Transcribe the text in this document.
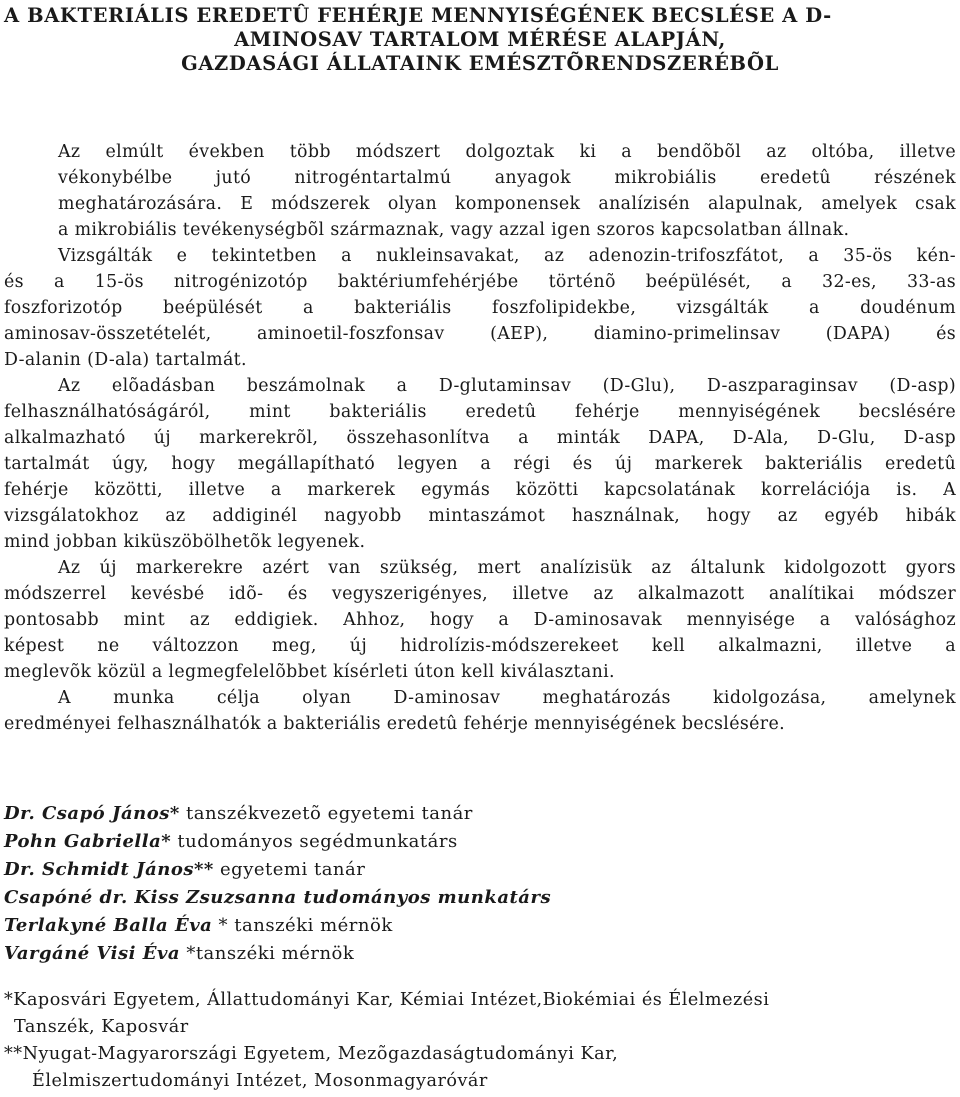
A BAKTERIÁLIS EREDETÛ FEHÉRJE MENNYISÉGÉNEK BECSLÉSE A D-
AMINOSAV TARTALOM MÉRÉSE ALAPJÁN,
GAZDASÁGI ÁLLATAINK EMÉSZTÕRENDSZERÉBÕL

Az elmúlt években több módszert dolgoztak ki a bendõbõl az oltóba, illetve
vékonybélbe jutó nitrogéntartalmú anyagok mikrobiális eredetû részének
meghatározására. E módszerek olyan komponensek analízisén alapulnak, amelyek csak
a mikrobiális tevékenységbõl származnak, vagy azzal igen szoros kapcsolatban állnak.

Vizsgálták e tekintetben a nukleinsavakat, az adenozin-trifoszfátot, a 35-ös kén-
és a 15-ös nitrogénizotóp baktériumfehérjébe történõ beépülését, a 32-es, 33-as
foszforizotóp beépülését a bakteriális foszfolipidekbe, vizsgálták a doudénum
aminosav-összetételét, aminoetil-foszfonsav (AEP), diamino-primelinsav (DAPA) és
D-alanin (D-ala) tartalmát.

Az elõadásban beszámolnak a D-glutaminsav (D-Glu), D-aszparaginsav (D-asp)
felhasználhatóságáról, mint bakteriális eredetû fehérje mennyiségének becslésére
alkalmazható új markerekrõl, összehasonlítva a minták DAPA, D-Ala, D-Glu, D-asp
tartalmát úgy, hogy megállapítható legyen a régi és új markerek bakteriális eredetû
fehérje közötti, illetve a markerek egymás közötti kapcsolatának korrelációja is. A
vizsgálatokhoz az addiginél nagyobb mintaszámot használnak, hogy az egyéb hibák
mind jobban kiküszöbölhetõk legyenek.

Az új markerekre azért van szükség, mert analízisük az általunk kidolgozott gyors
módszerrel kevésbé idõ- és vegyszerigényes, illetve az alkalmazott analítikai módszer
pontosabb mint az eddigiek. Ahhoz, hogy a D-aminosavak mennyisége a valósághoz
képest ne változzon meg, új hidrolízis-módszerekeet kell alkalmazni, illetve a
meglevõk közül a legmegfelelõbbet kísérleti úton kell kiválasztani.

A munka célja olyan D-aminosav meghatározás kidolgozása, amelynek
eredményei felhasználhatók a bakteriális eredetû fehérje mennyiségének becslésére.

Dr. Csapó János* tanszékvezetõ egyetemi tanár
Pohn Gabriella* tudományos segédmunkatárs
Dr. Schmidt János** egyetemi tanár
Csapóné dr. Kiss Zsuzsanna tudományos munkatárs
Terlakyné Balla Éva * tanszéki mérnök
Vargáné Visi Éva *tanszéki mérnök
*Kaposvári Egyetem, Állattudományi Kar, Kémiai Intézet,Biokémiai és Élelmezési
Tanszék, Kaposvár
**Nyugat-Magyarországi Egyetem, Mezõgazdaságtudományi Kar,
Élelmiszertudományi Intézet, Mosonmagyaróvár
